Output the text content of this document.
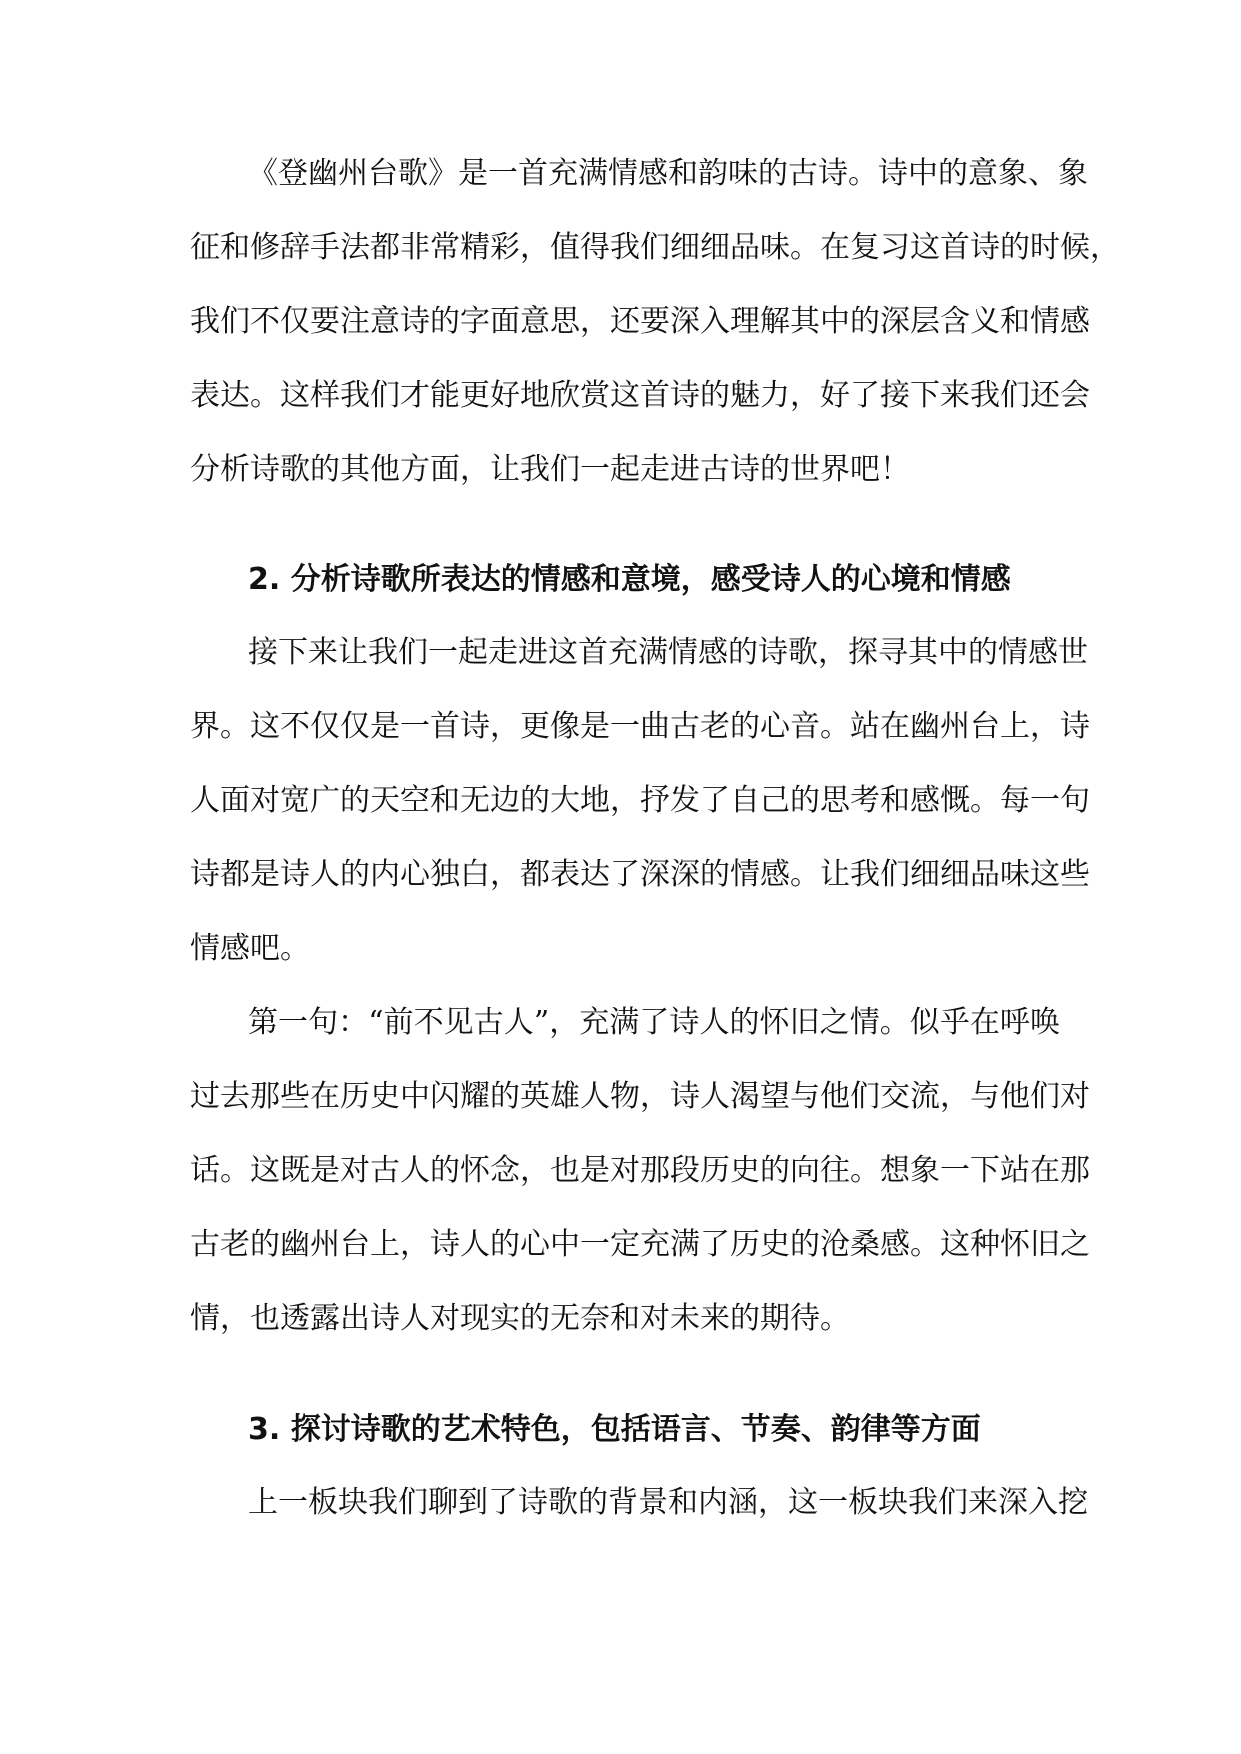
《登幽州台歌》是一首充满情感和韵味的古诗。诗中的意象、象
征和修辞手法都非常精彩，值得我们细细品味。在复习这首诗的时候，
我们不仅要注意诗的字面意思，还要深入理解其中的深层含义和情感
表达。这样我们才能更好地欣赏这首诗的魅力，好了接下来我们还会
分析诗歌的其他方面，让我们一起走进古诗的世界吧！
2. 分析诗歌所表达的情感和意境，感受诗人的心境和情感
接下来让我们一起走进这首充满情感的诗歌，探寻其中的情感世
界。这不仅仅是一首诗，更像是一曲古老的心音。站在幽州台上，诗
人面对宽广的天空和无边的大地，抒发了自己的思考和感慨。每一句
诗都是诗人的内心独白，都表达了深深的情感。让我们细细品味这些
情感吧。
第一句：“前不见古人”，充满了诗人的怀旧之情。似乎在呼唤
过去那些在历史中闪耀的英雄人物，诗人渴望与他们交流，与他们对
话。这既是对古人的怀念，也是对那段历史的向往。想象一下站在那
古老的幽州台上，诗人的心中一定充满了历史的沧桑感。这种怀旧之
情，也透露出诗人对现实的无奈和对未来的期待。
3. 探讨诗歌的艺术特色，包括语言、节奏、韵律等方面
上一板块我们聊到了诗歌的背景和内涵，这一板块我们来深入挖
